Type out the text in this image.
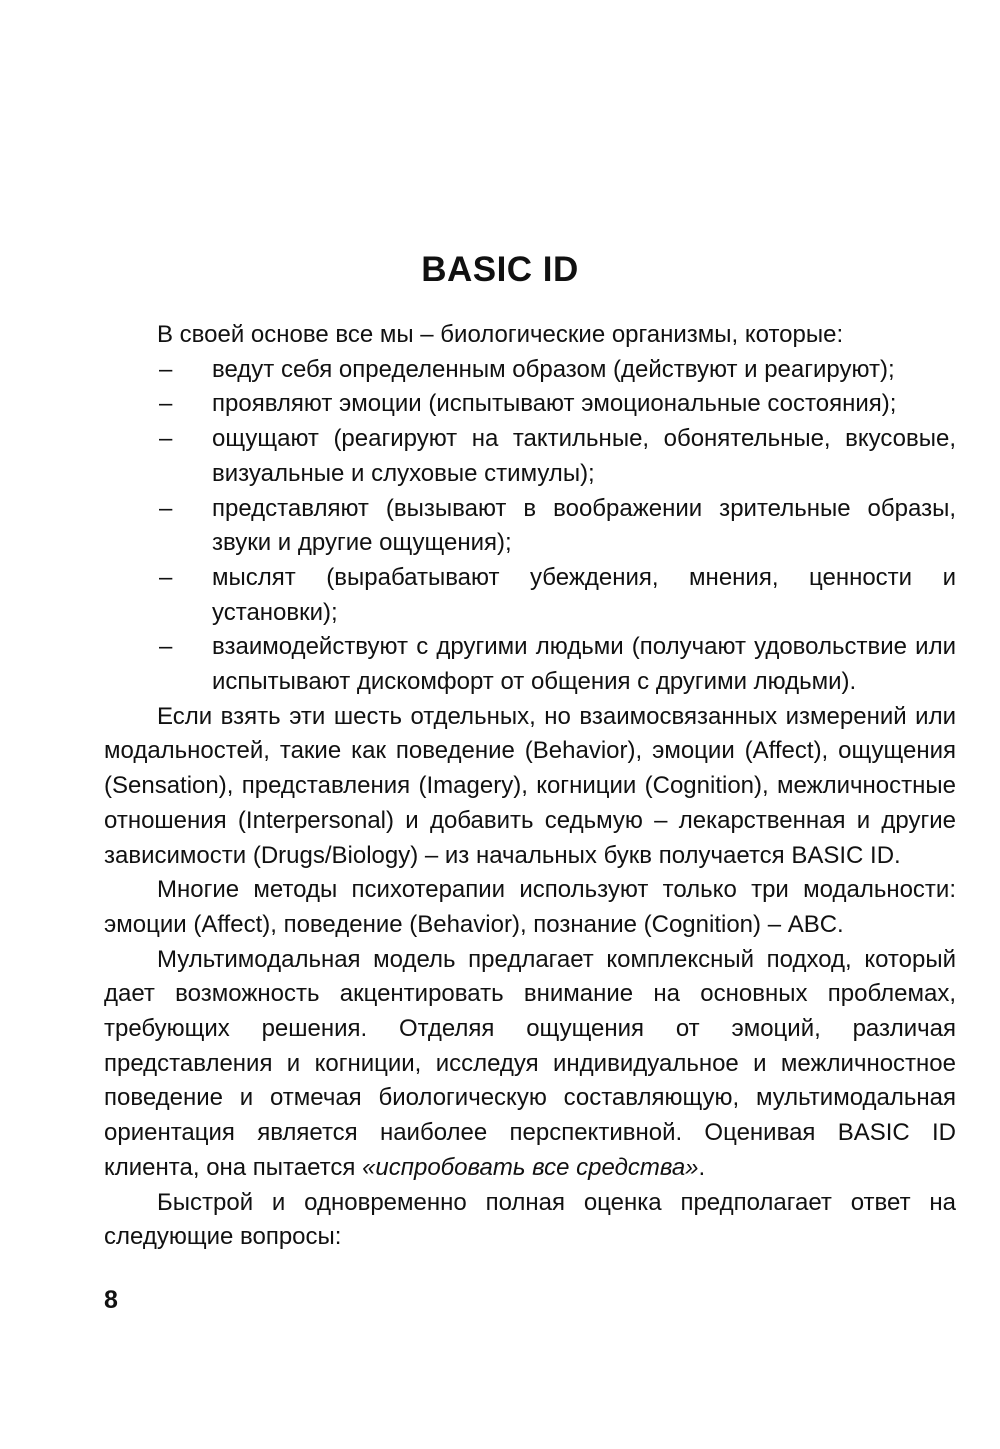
BASIC ID

В своей основе все мы – биологические организмы, которые:

– ведут себя определенным образом (действуют и реагируют);
– проявляют эмоции (испытывают эмоциональные состояния);
– ощущают (реагируют на тактильные, обонятельные, вкусовые, визуальные и слуховые стимулы);
– представляют (вызывают в воображении зрительные образы, звуки и другие ощущения);
– мыслят (вырабатывают убеждения, мнения, ценности и установки);
– взаимодействуют с другими людьми (получают удовольствие или испытывают дискомфорт от общения с другими людьми).

Если взять эти шесть отдельных, но взаимосвязанных измерений или модальностей, такие как поведение (Behavior), эмоции (Affect), ощущения (Sensation), представления (Imagery), когниции (Cognition), межличностные отношения (Interpersonal) и добавить седьмую – лекарственная и другие зависимости (Drugs/Biology) – из начальных букв получается BASIC ID.

Многие методы психотерапии используют только три модальности: эмоции (Affect), поведение (Behavior), познание (Cognition) – ABC.

Мультимодальная модель предлагает комплексный подход, который дает возможность акцентировать внимание на основных проблемах, требующих решения. Отделяя ощущения от эмоций, различая представления и когниции, исследуя индивидуальное и межличностное поведение и отмечая биологическую составляющую, мультимодальная ориентация является наиболее перспективной. Оценивая BASIC ID клиента, она пытается «испробовать все средства».

Быстрой и одновременно полная оценка предполагает ответ на следующие вопросы:

8
